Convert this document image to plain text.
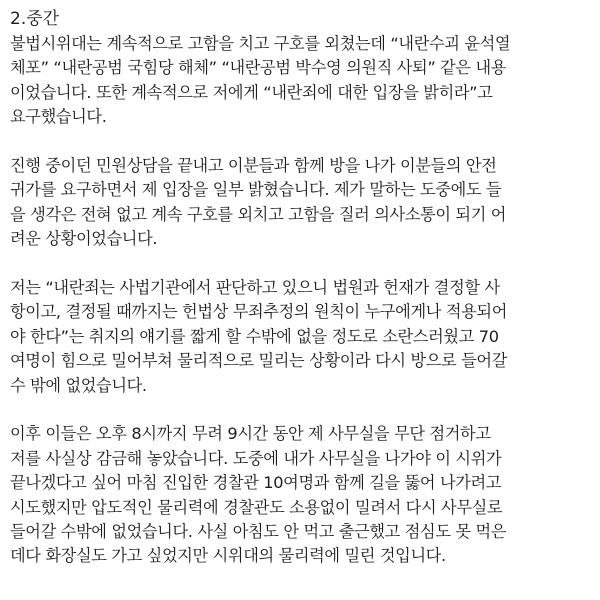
2.중간
불법시위대는 계속적으로 고함을 치고 구호를 외쳤는데 “내란수괴 윤석열
체포” “내란공범 국힘당 해체” “내란공범 박수영 의원직 사퇴” 같은 내용
이었습니다. 또한 계속적으로 저에게 “내란죄에 대한 입장을 밝히라”고
요구했습니다.
진행 중이던 민원상담을 끝내고 이분들과 함께 방을 나가 이분들의 안전
귀가를 요구하면서 제 입장을 일부 밝혔습니다. 제가 말하는 도중에도 들
을 생각은 전혀 없고 계속 구호를 외치고 고함을 질러 의사소통이 되기 어
려운 상황이었습니다.
저는 “내란죄는 사법기관에서 판단하고 있으니 법원과 헌재가 결정할 사
항이고, 결정될 때까지는 헌법상 무죄추정의 원칙이 누구에게나 적용되어
야 한다”는 취지의 얘기를 짧게 할 수밖에 없을 정도로 소란스러웠고 70
여명이 힘으로 밀어부쳐 물리적으로 밀리는 상황이라 다시 방으로 들어갈
수 밖에 없었습니다.
이후 이들은 오후 8시까지 무려 9시간 동안 제 사무실을 무단 점거하고
저를 사실상 감금해 놓았습니다. 도중에 내가 사무실을 나가야 이 시위가
끝나겠다고 싶어 마침 진입한 경찰관 10여명과 함께 길을 뚫어 나가려고
시도했지만 압도적인 물리력에 경찰관도 소용없이 밀려서 다시 사무실로
들어갈 수밖에 없었습니다. 사실 아침도 안 먹고 출근했고 점심도 못 먹은
데다 화장실도 가고 싶었지만 시위대의 물리력에 밀린 것입니다.
